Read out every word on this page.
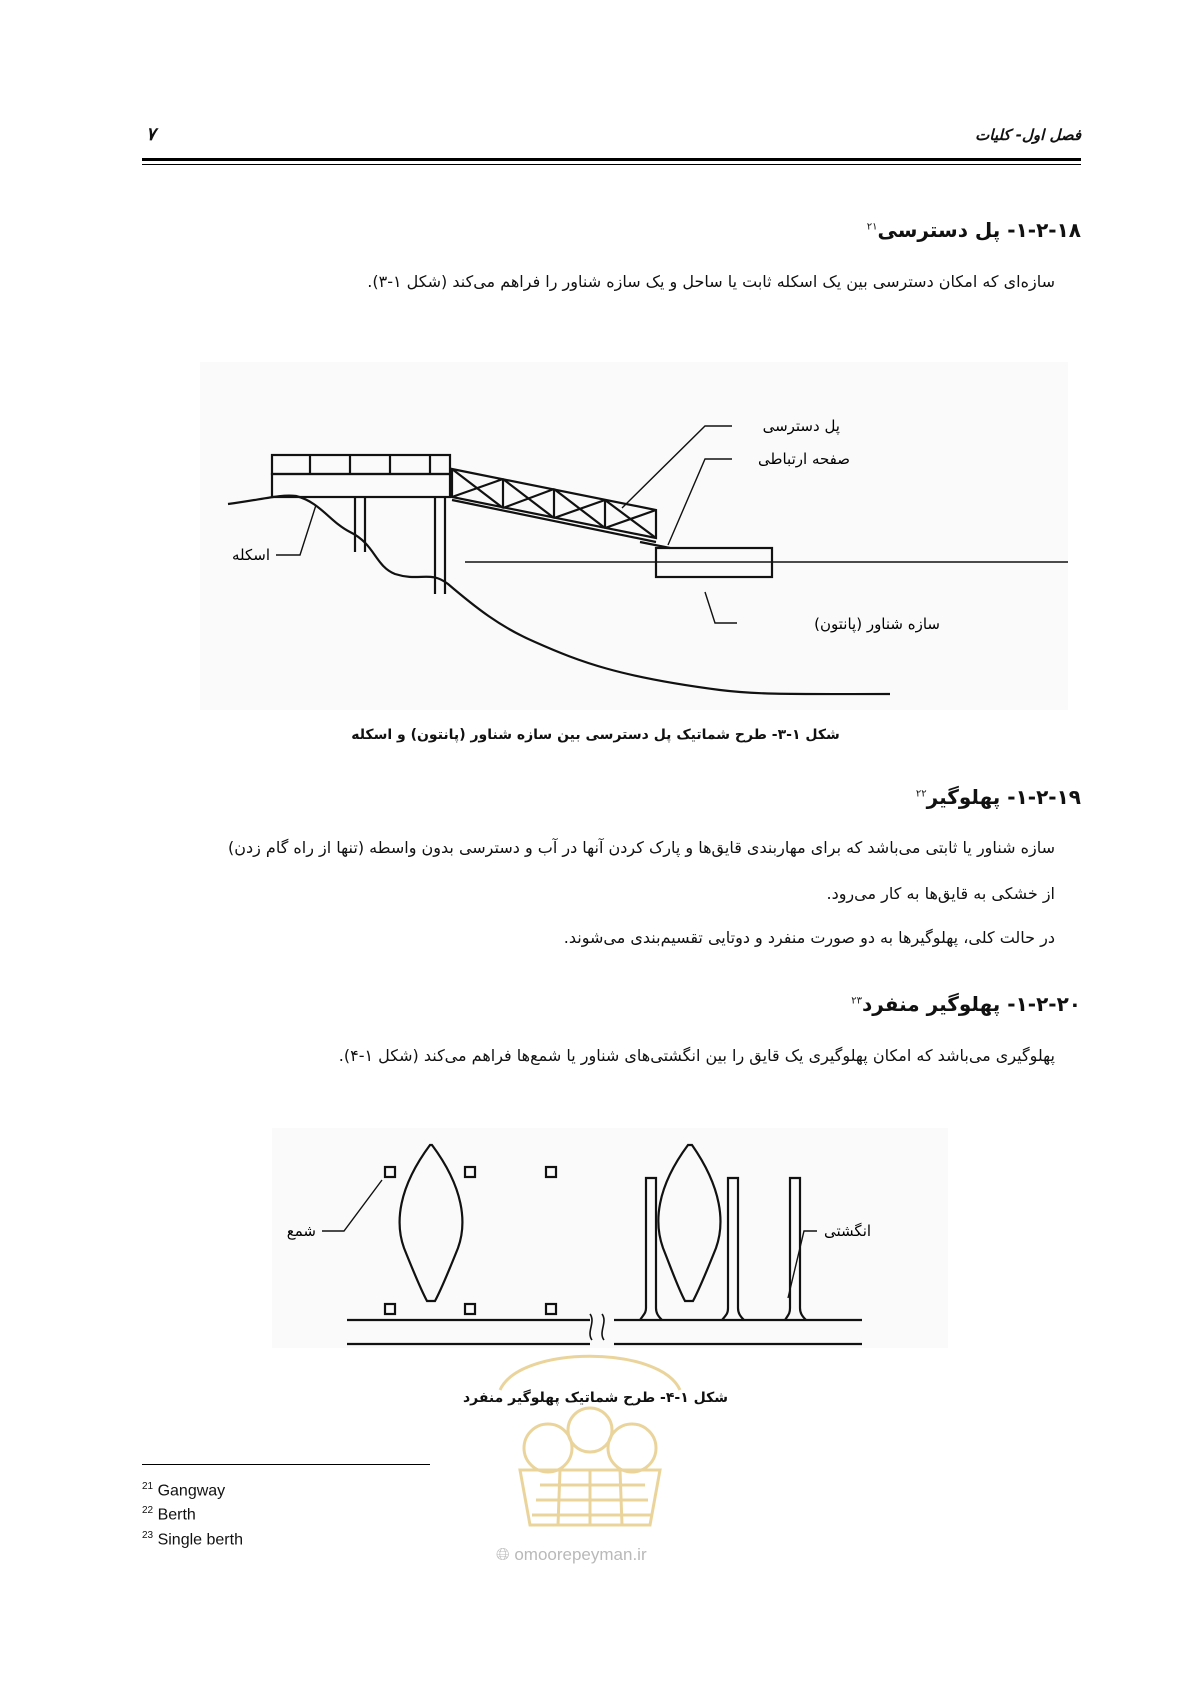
فصل اول- کلیات
۷
۱-۲-۱۸- پل دسترسی$^{۲۱}$
سازه‌ای که امکان دسترسی بین یک اسکله ثابت یا ساحل و یک سازه شناور را فراهم می‌کند (شکل ۱-۳).
پل دسترسی
صفحه ارتباطی
اسکله
سازه شناور (پانتون)
شکل ۱-۳- طرح شماتیک پل دسترسی بین سازه شناور (پانتون) و اسکله
۱-۲-۱۹- پهلوگیر$^{۲۲}$
سازه شناور یا ثابتی می‌باشد که برای مهاربندی قایق‌ها و پارک کردن آنها در آب و دسترسی بدون واسطه (تنها از راه گام زدن)
از خشکی به قایق‌ها به کار می‌رود.
در حالت کلی، پهلوگیرها به دو صورت منفرد و دوتایی تقسیم‌بندی می‌شوند.
۱-۲-۲۰- پهلوگیر منفرد$^{۲۳}$
پهلوگیری می‌باشد که امکان پهلوگیری یک قایق را بین انگشتی‌های شناور یا شمع‌ها فراهم می‌کند (شکل ۱-۴).
شمع	انگشتی
شکل ۱-۴- طرح شماتیک پهلوگیر منفرد
🌐︎ omoorepeyman.ir
$^{21}$ Gangway
$^{22}$ Berth
$^{23}$ Single berth
